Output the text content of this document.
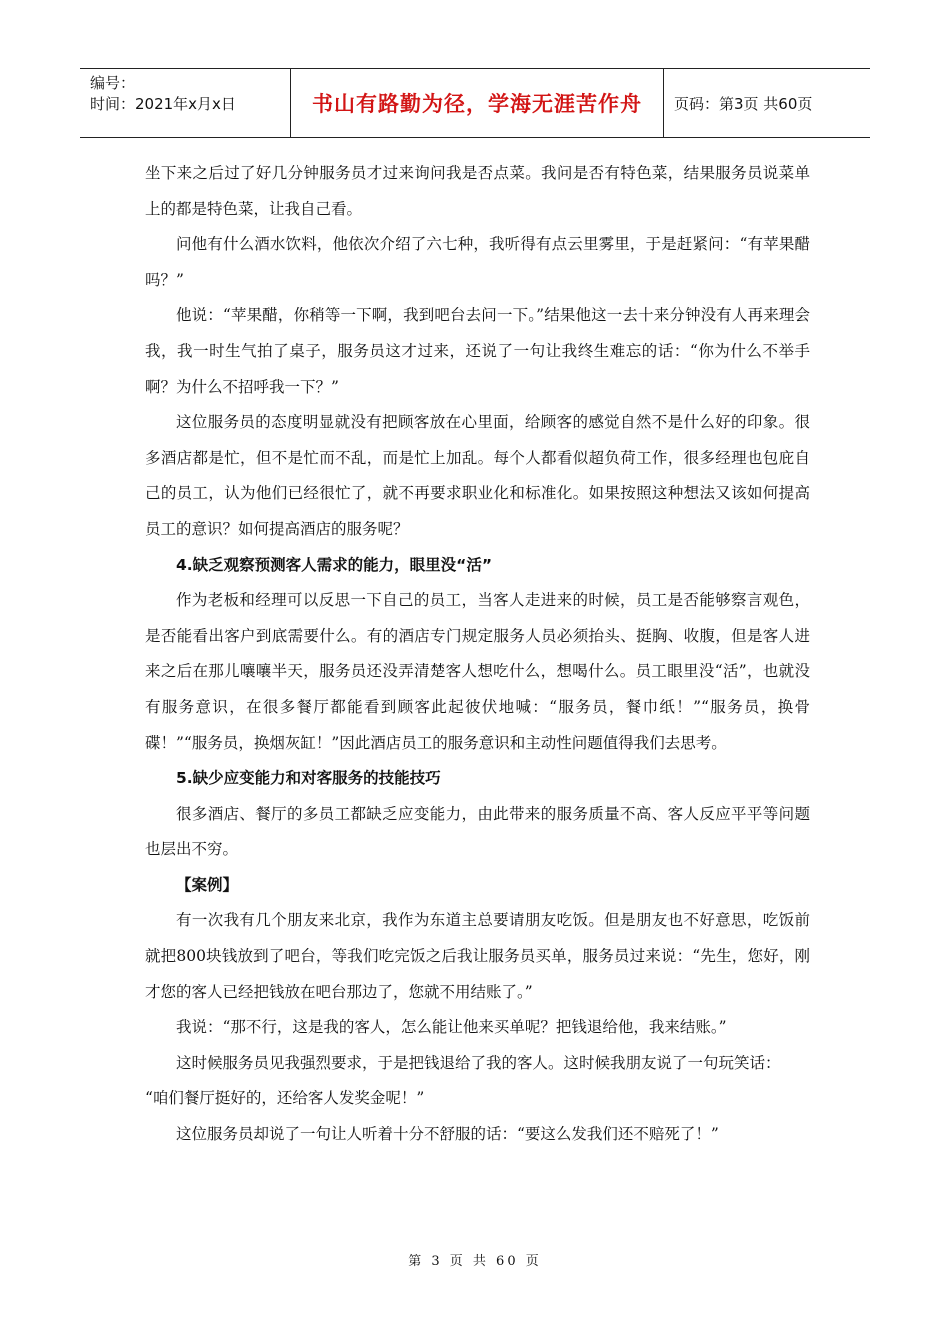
编号：
时间：2021年x月x日	书山有路勤为径，学海无涯苦作舟	页码：第3页 共60页

坐下来之后过了好几分钟服务员才过来询问我是否点菜。我问是否有特色菜，结果服务员说菜单上的都是特色菜，让我自己看。

问他有什么酒水饮料，他依次介绍了六七种，我听得有点云里雾里，于是赶紧问：“有苹果醋吗？”

他说：“苹果醋，你稍等一下啊，我到吧台去问一下。”结果他这一去十来分钟没有人再来理会我，我一时生气拍了桌子，服务员这才过来，还说了一句让我终生难忘的话：“你为什么不举手啊？为什么不招呼我一下？”

这位服务员的态度明显就没有把顾客放在心里面，给顾客的感觉自然不是什么好的印象。很多酒店都是忙，但不是忙而不乱，而是忙上加乱。每个人都看似超负荷工作，很多经理也包庇自己的员工，认为他们已经很忙了，就不再要求职业化和标准化。如果按照这种想法又该如何提高员工的意识？如何提高酒店的服务呢？

4.缺乏观察预测客人需求的能力，眼里没“活”

作为老板和经理可以反思一下自己的员工，当客人走进来的时候，员工是否能够察言观色，是否能看出客户到底需要什么。有的酒店专门规定服务人员必须抬头、挺胸、收腹，但是客人进来之后在那儿嚷嚷半天，服务员还没弄清楚客人想吃什么，想喝什么。员工眼里没“活”，也就没有服务意识，在很多餐厅都能看到顾客此起彼伏地喊：“服务员，餐巾纸！”“服务员，换骨碟！”“服务员，换烟灰缸！”因此酒店员工的服务意识和主动性问题值得我们去思考。

5.缺少应变能力和对客服务的技能技巧

很多酒店、餐厅的多员工都缺乏应变能力，由此带来的服务质量不高、客人反应平平等问题也层出不穷。

【案例】

有一次我有几个朋友来北京，我作为东道主总要请朋友吃饭。但是朋友也不好意思，吃饭前就把800块钱放到了吧台，等我们吃完饭之后我让服务员买单，服务员过来说：“先生，您好，刚才您的客人已经把钱放在吧台那边了，您就不用结账了。”

我说：“那不行，这是我的客人，怎么能让他来买单呢？把钱退给他，我来结账。”

这时候服务员见我强烈要求，于是把钱退给了我的客人。这时候我朋友说了一句玩笑话：

“咱们餐厅挺好的，还给客人发奖金呢！”

这位服务员却说了一句让人听着十分不舒服的话：“要这么发我们还不赔死了！”

第 3 页 共 60 页
